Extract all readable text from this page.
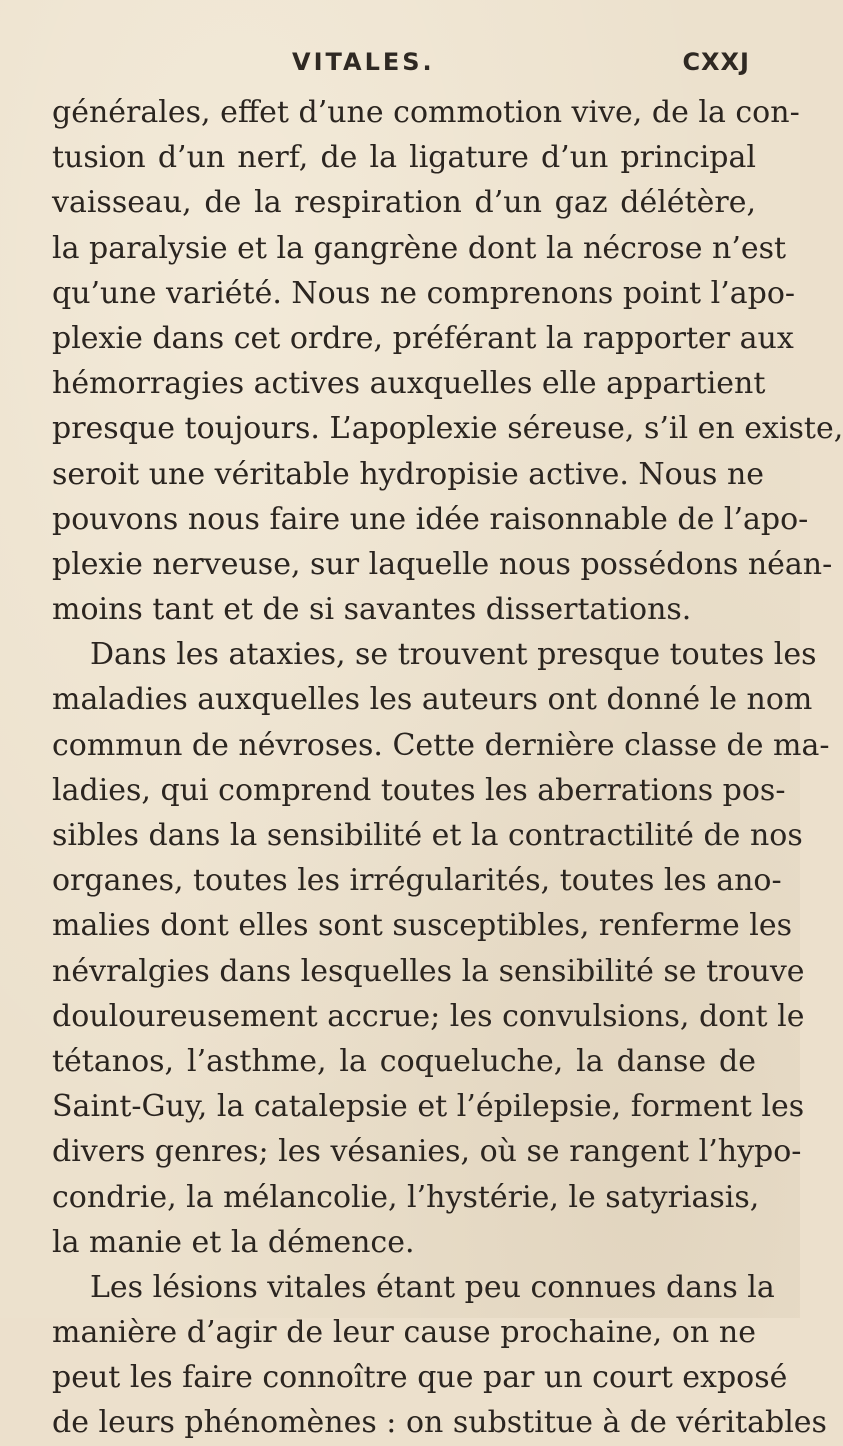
VITALES.	CXXJ
générales, effet d’une commotion vive, de la con-
tusion d’un nerf, de la ligature d’un principal
vaisseau, de la respiration d’un gaz délétère,
la paralysie et la gangrène dont la nécrose n’est
qu’une variété. Nous ne comprenons point l’apo-
plexie dans cet ordre, préférant la rapporter aux
hémorragies actives auxquelles elle appartient
presque toujours. L’apoplexie séreuse, s’il en existe,
seroit une véritable hydropisie active. Nous ne
pouvons nous faire une idée raisonnable de l’apo-
plexie nerveuse, sur laquelle nous possédons néan-
moins tant et de si savantes dissertations.
Dans les ataxies, se trouvent presque toutes les
maladies auxquelles les auteurs ont donné le nom
commun de névroses. Cette dernière classe de ma-
ladies, qui comprend toutes les aberrations pos-
sibles dans la sensibilité et la contractilité de nos
organes, toutes les irrégularités, toutes les ano-
malies dont elles sont susceptibles, renferme les
névralgies dans lesquelles la sensibilité se trouve
douloureusement accrue; les convulsions, dont le
tétanos, l’asthme, la coqueluche, la danse de
Saint-Guy, la catalepsie et l’épilepsie, forment les
divers genres; les vésanies, où se rangent l’hypo-
condrie, la mélancolie, l’hystérie, le satyriasis,
la manie et la démence.
Les lésions vitales étant peu connues dans la
manière d’agir de leur cause prochaine, on ne
peut les faire connoître que par un court exposé
de leurs phénomènes : on substitue à de véritables
